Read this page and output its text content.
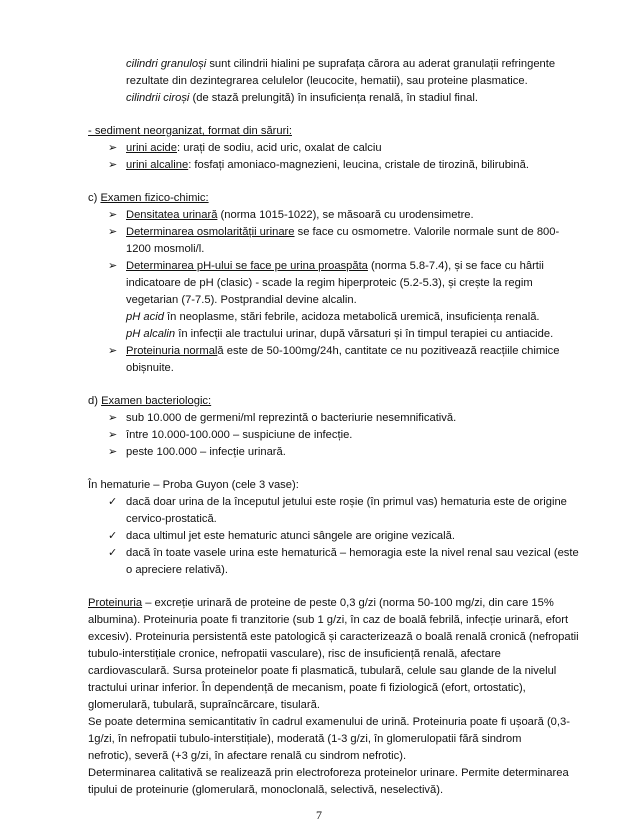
cilindri granuloși sunt cilindrii hialini pe suprafața cărora au aderat granulații refringente
rezultate din dezintegrarea celulelor (leucocite, hematii), sau proteine plasmatice.
cilindrii ciroși (de stază prelungită) în insuficiența renală, în stadiul final.
- sediment neorganizat, format din săruri:
➢ urini acide: urați de sodiu, acid uric, oxalat de calciu
➢ urini alcaline: fosfați amoniaco-magnezieni, leucina, cristale de tirozină, bilirubină.
c) Examen fizico-chimic:
➢ Densitatea urinară (norma 1015-1022), se măsoară cu urodensimetre.
➢ Determinarea osmolarității urinare se face cu osmometre. Valorile normale sunt de 800-
1200 mosmoli/l.
➢ Determinarea pH-ului se face pe urina proaspăta (norma 5.8-7.4), și se face cu hârtii
indicatoare de pH (clasic) - scade la regim hiperproteic (5.2-5.3), și crește la regim
vegetarian (7-7.5). Postprandial devine alcalin.
pH acid în neoplasme, stări febrile, acidoza metabolică uremică, insuficiența renală.
pH alcalin în infecții ale tractului urinar, după vărsaturi și în timpul terapiei cu antiacide.
➢ Proteinuria normală este de 50-100mg/24h, cantitate ce nu pozitivează reacțiile chimice
obișnuite.
d) Examen bacteriologic:
➢ sub 10.000 de germeni/ml reprezintă o bacteriurie nesemnificativă.
➢ între 10.000-100.000 – suspiciune de infecție.
➢ peste 100.000 – infecție urinară.
În hematurie – Proba Guyon (cele 3 vase):
✓ dacă doar urina de la începutul jetului este roșie (în primul vas) hematuria este de origine
cervico-prostatică.
✓ daca ultimul jet este hematuric atunci sângele are origine vezicală.
✓ dacă în toate vasele urina este hematurică – hemoragia este la nivel renal sau vezical (este
o apreciere relativă).
Proteinuria – excreție urinară de proteine de peste 0,3 g/zi (norma 50-100 mg/zi, din care 15%
albumina). Proteinuria poate fi tranzitorie (sub 1 g/zi, în caz de boală febrilă, infecție urinară, efort
excesiv). Proteinuria persistentă este patologică și caracterizează o boală renală cronică (nefropatii
tubulo-interstițiale cronice, nefropatii vasculare), risc de insuficiență renală, afectare
cardiovasculară. Sursa proteinelor poate fi plasmatică, tubulară, celule sau glande de la nivelul
tractului urinar inferior. În dependență de mecanism, poate fi fiziologică (efort, ortostatic),
glomerulară, tubulară, supraîncărcare, tisulară.
Se poate determina semicantitativ în cadrul examenului de urină. Proteinuria poate fi ușoară (0,3-
1g/zi, în nefropatii tubulo-interstițiale), moderată (1-3 g/zi, în glomerulopatii fără sindrom
nefrotic), severă (+3 g/zi, în afectare renală cu sindrom nefrotic).
Determinarea calitativă se realizează prin electroforeza proteinelor urinare. Permite determinarea
tipului de proteinurie (glomerulară, monoclonală, selectivă, neselectivă).
7
